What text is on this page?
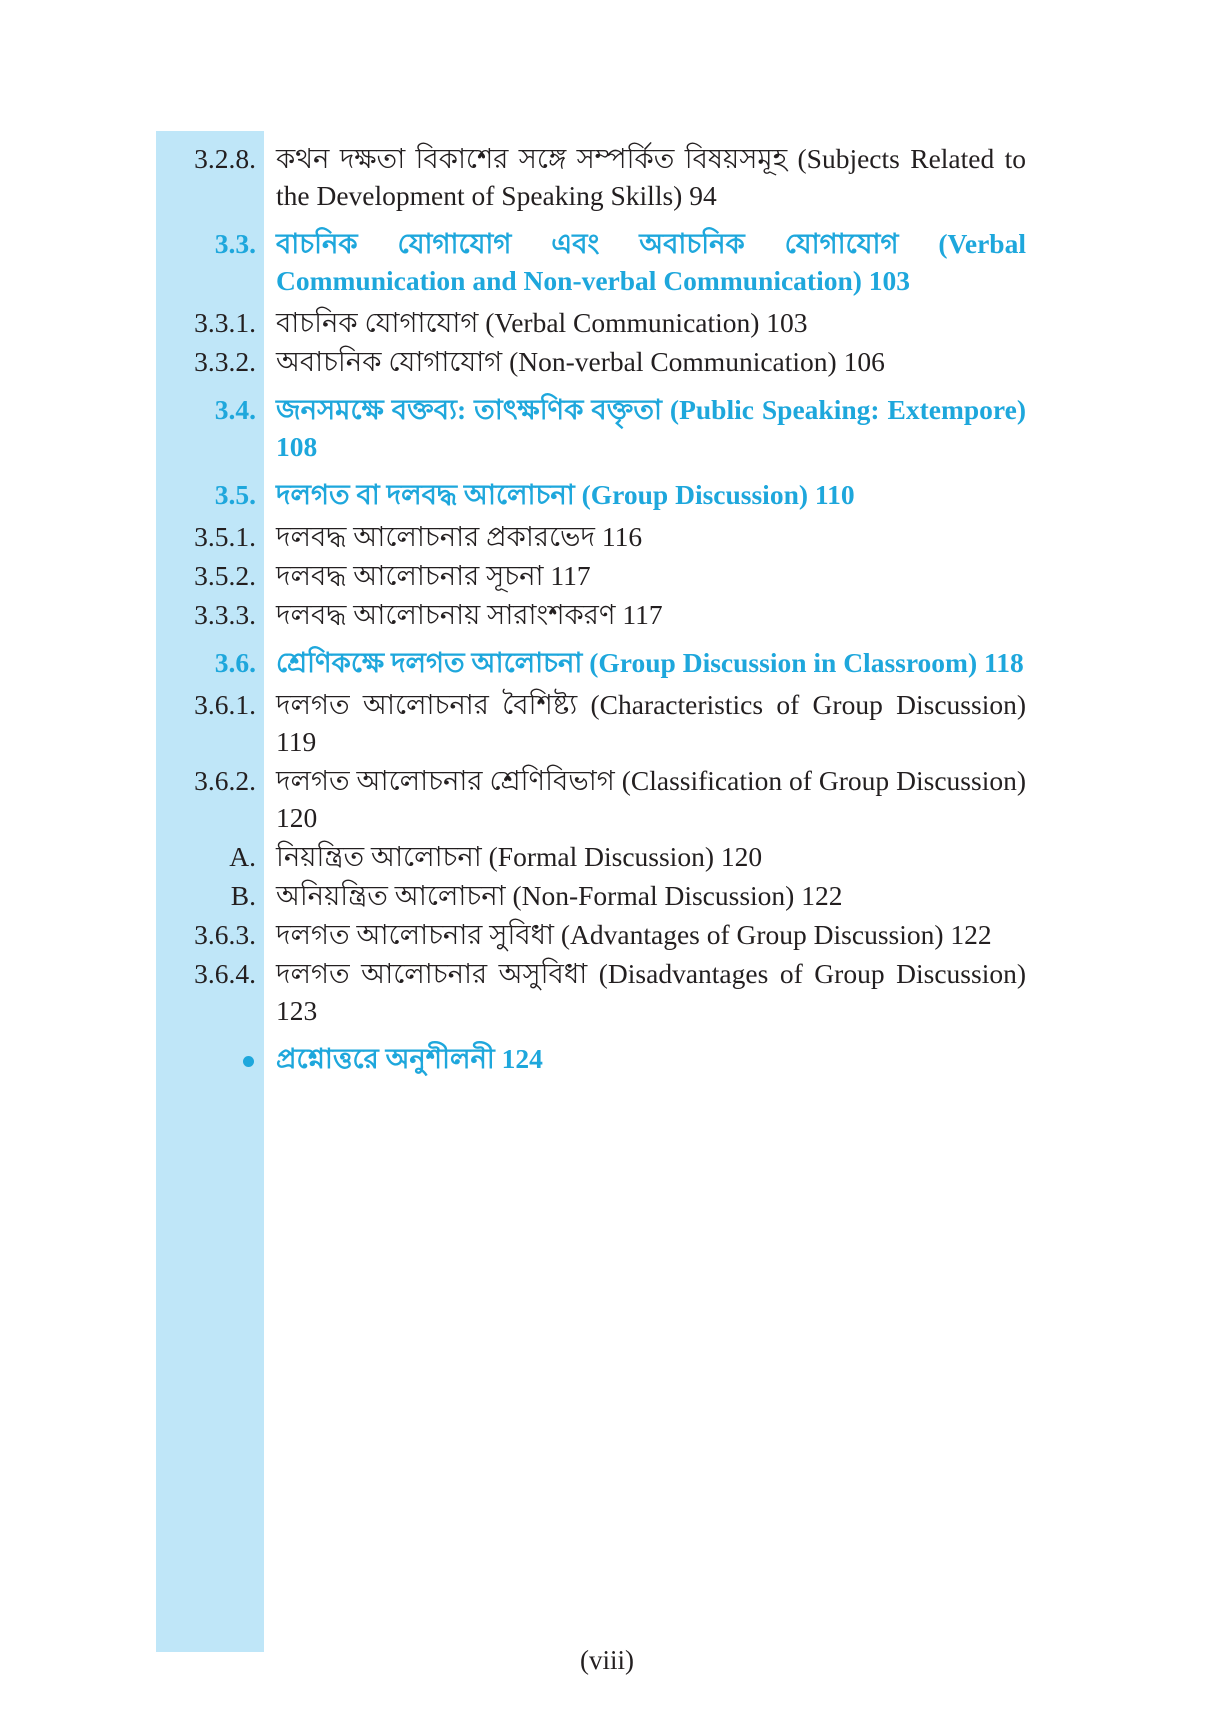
3.2.8. কথন দক্ষতা বিকাশের সঙ্গে সম্পর্কিত বিষয়সমূহ (Subjects Related to the Development of Speaking Skills) 94
3.3. বাচনিক যোগাযোগ এবং অবাচনিক যোগাযোগ (Verbal Communication and Non-verbal Communication) 103
3.3.1. বাচনিক যোগাযোগ (Verbal Communication) 103
3.3.2. অবাচনিক যোগাযোগ (Non-verbal Communication) 106
3.4. জনসমক্ষে বক্তব্য: তাৎক্ষণিক বক্তৃতা (Public Speaking: Extempore) 108
3.5. দলগত বা দলবদ্ধ আলোচনা (Group Discussion) 110
3.5.1. দলবদ্ধ আলোচনার প্রকারভেদ 116
3.5.2. দলবদ্ধ আলোচনার সূচনা 117
3.3.3. দলবদ্ধ আলোচনায় সারাংশকরণ 117
3.6. শ্রেণিকক্ষে দলগত আলোচনা (Group Discussion in Classroom) 118
3.6.1. দলগত আলোচনার বৈশিষ্ট্য (Characteristics of Group Discussion) 119
3.6.2. দলগত আলোচনার শ্রেণিবিভাগ (Classification of Group Discussion) 120
A. নিয়ন্ত্রিত আলোচনা (Formal Discussion) 120
B. অনিয়ন্ত্রিত আলোচনা (Non-Formal Discussion) 122
3.6.3. দলগত আলোচনার সুবিধা (Advantages of Group Discussion) 122
3.6.4. দলগত আলোচনার অসুবিধা (Disadvantages of Group Discussion) 123
প্রশ্নোত্তরে অনুশীলনী 124
(viii)
